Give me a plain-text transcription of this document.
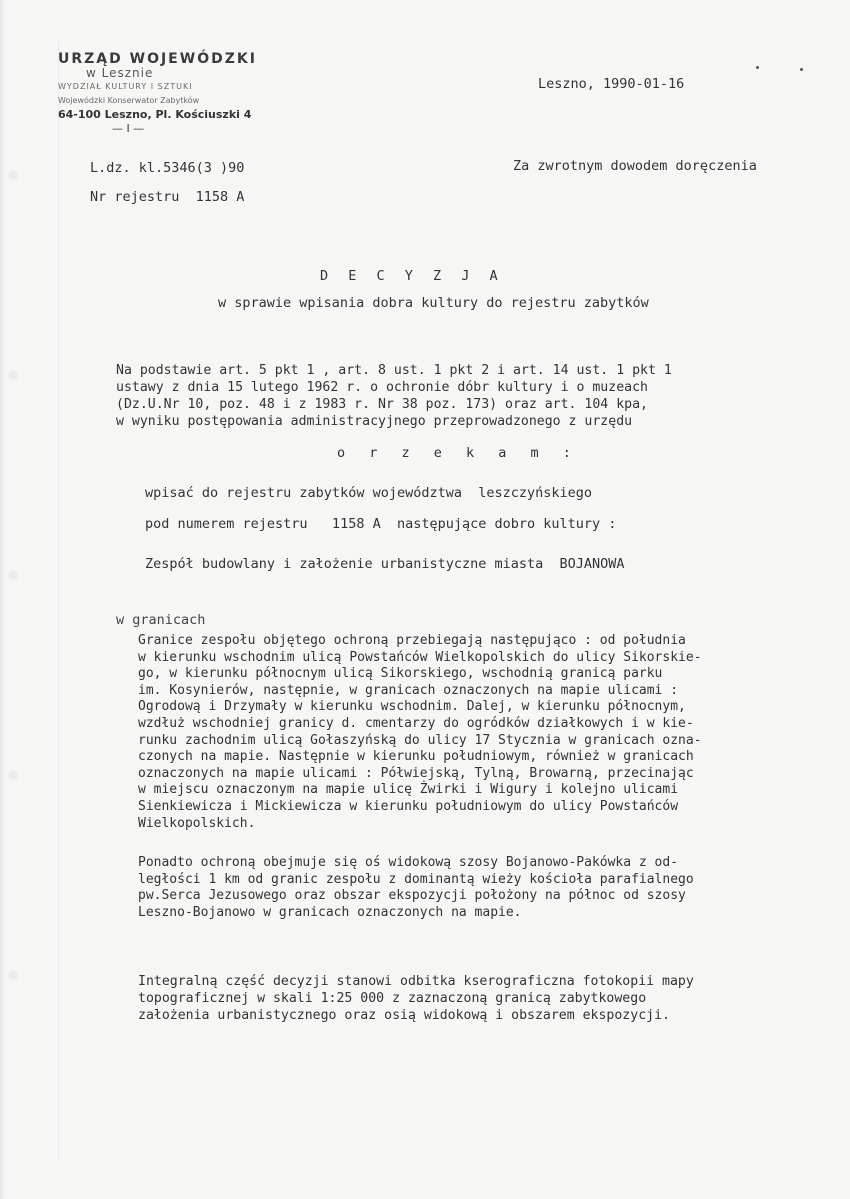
URZĄD WOJEWÓDZKI
w Lesznie
WYDZIAŁ KULTURY I SZTUKI
Wojewódzki Konserwator Zabytków
64-100 Leszno, Pl. Kościuszki 4
— I —
Leszno, 1990-01-16
Za zwrotnym dowodem doręczenia
L.dz. kl.5346(3 )90
Nr rejestru  1158 A
D E C Y Z J A
w sprawie wpisania dobra kultury do rejestru zabytków
Na podstawie art. 5 pkt 1 , art. 8 ust. 1 pkt 2 i art. 14 ust. 1 pkt 1
ustawy z dnia 15 lutego 1962 r. o ochronie dóbr kultury i o muzeach
(Dz.U.Nr 10, poz. 48 i z 1983 r. Nr 38 poz. 173) oraz art. 104 kpa,
w wyniku postępowania administracyjnego przeprowadzonego z urzędu
o r z e k a m :
wpisać do rejestru zabytków województwa  leszczyńskiego
pod numerem rejestru   1158 A  następujące dobro kultury :
Zespół budowlany i założenie urbanistyczne miasta  BOJANOWA
w granicach
Granice zespołu objętego ochroną przebiegają następująco : od południa
w kierunku wschodnim ulicą Powstańców Wielkopolskich do ulicy Sikorskie-
go, w kierunku północnym ulicą Sikorskiego, wschodnią granicą parku
im. Kosynierów, następnie, w granicach oznaczonych na mapie ulicami :
Ogrodową i Drzymały w kierunku wschodnim. Dalej, w kierunku północnym,
wzdłuż wschodniej granicy d. cmentarzy do ogródków działkowych i w kie-
runku zachodnim ulicą Gołaszyńską do ulicy 17 Stycznia w granicach ozna-
czonych na mapie. Następnie w kierunku południowym, również w granicach
oznaczonych na mapie ulicami : Półwiejską, Tylną, Browarną, przecinając
w miejscu oznaczonym na mapie ulicę Żwirki i Wigury i kolejno ulicami
Sienkiewicza i Mickiewicza w kierunku południowym do ulicy Powstańców
Wielkopolskich.
Ponadto ochroną obejmuje się oś widokową szosy Bojanowo-Pakówka z od-
ległości 1 km od granic zespołu z dominantą wieży kościoła parafialnego
pw.Serca Jezusowego oraz obszar ekspozycji położony na północ od szosy
Leszno-Bojanowo w granicach oznaczonych na mapie.
Integralną część decyzji stanowi odbitka kserograficzna fotokopii mapy
topograficznej w skali 1:25 000 z zaznaczoną granicą zabytkowego
założenia urbanistycznego oraz osią widokową i obszarem ekspozycji.
